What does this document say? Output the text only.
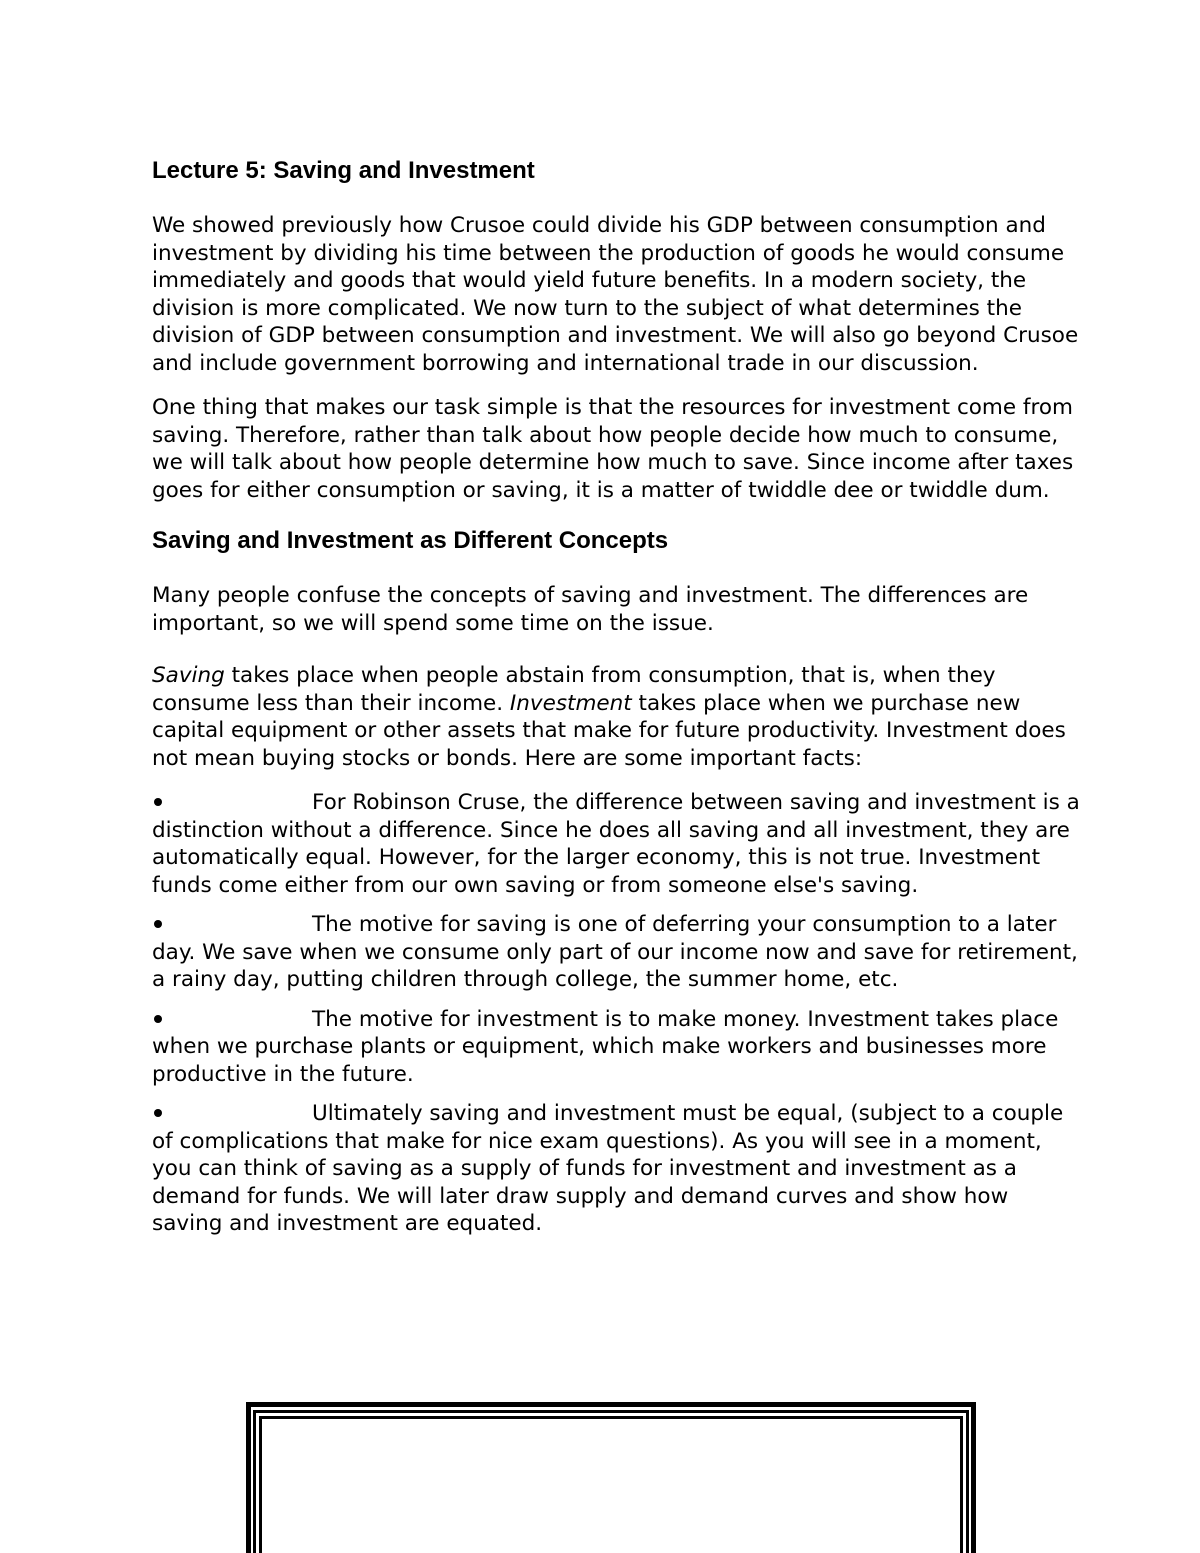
Lecture 5: Saving and Investment

We showed previously how Crusoe could divide his GDP between consumption and investment by dividing his time between the production of goods he would consume immediately and goods that would yield future benefits. In a modern society, the division is more complicated. We now turn to the subject of what determines the division of GDP between consumption and investment. We will also go beyond Crusoe and include government borrowing and international trade in our discussion.

One thing that makes our task simple is that the resources for investment come from saving. Therefore, rather than talk about how people decide how much to consume, we will talk about how people determine how much to save. Since income after taxes goes for either consumption or saving, it is a matter of twiddle dee or twiddle dum.

Saving and Investment as Different Concepts

Many people confuse the concepts of saving and investment. The differences are important, so we will spend some time on the issue.

Saving takes place when people abstain from consumption, that is, when they consume less than their income. Investment takes place when we purchase new capital equipment or other assets that make for future productivity. Investment does not mean buying stocks or bonds. Here are some important facts:

For Robinson Cruse, the difference between saving and investment is a distinction without a difference. Since he does all saving and all investment, they are automatically equal. However, for the larger economy, this is not true. Investment funds come either from our own saving or from someone else's saving.
The motive for saving is one of deferring your consumption to a later day. We save when we consume only part of our income now and save for retirement, a rainy day, putting children through college, the summer home, etc.
The motive for investment is to make money. Investment takes place when we purchase plants or equipment, which make workers and businesses more productive in the future.
Ultimately saving and investment must be equal, (subject to a couple of complications that make for nice exam questions). As you will see in a moment, you can think of saving as a supply of funds for investment and investment as a demand for funds. We will later draw supply and demand curves and show how saving and investment are equated.
